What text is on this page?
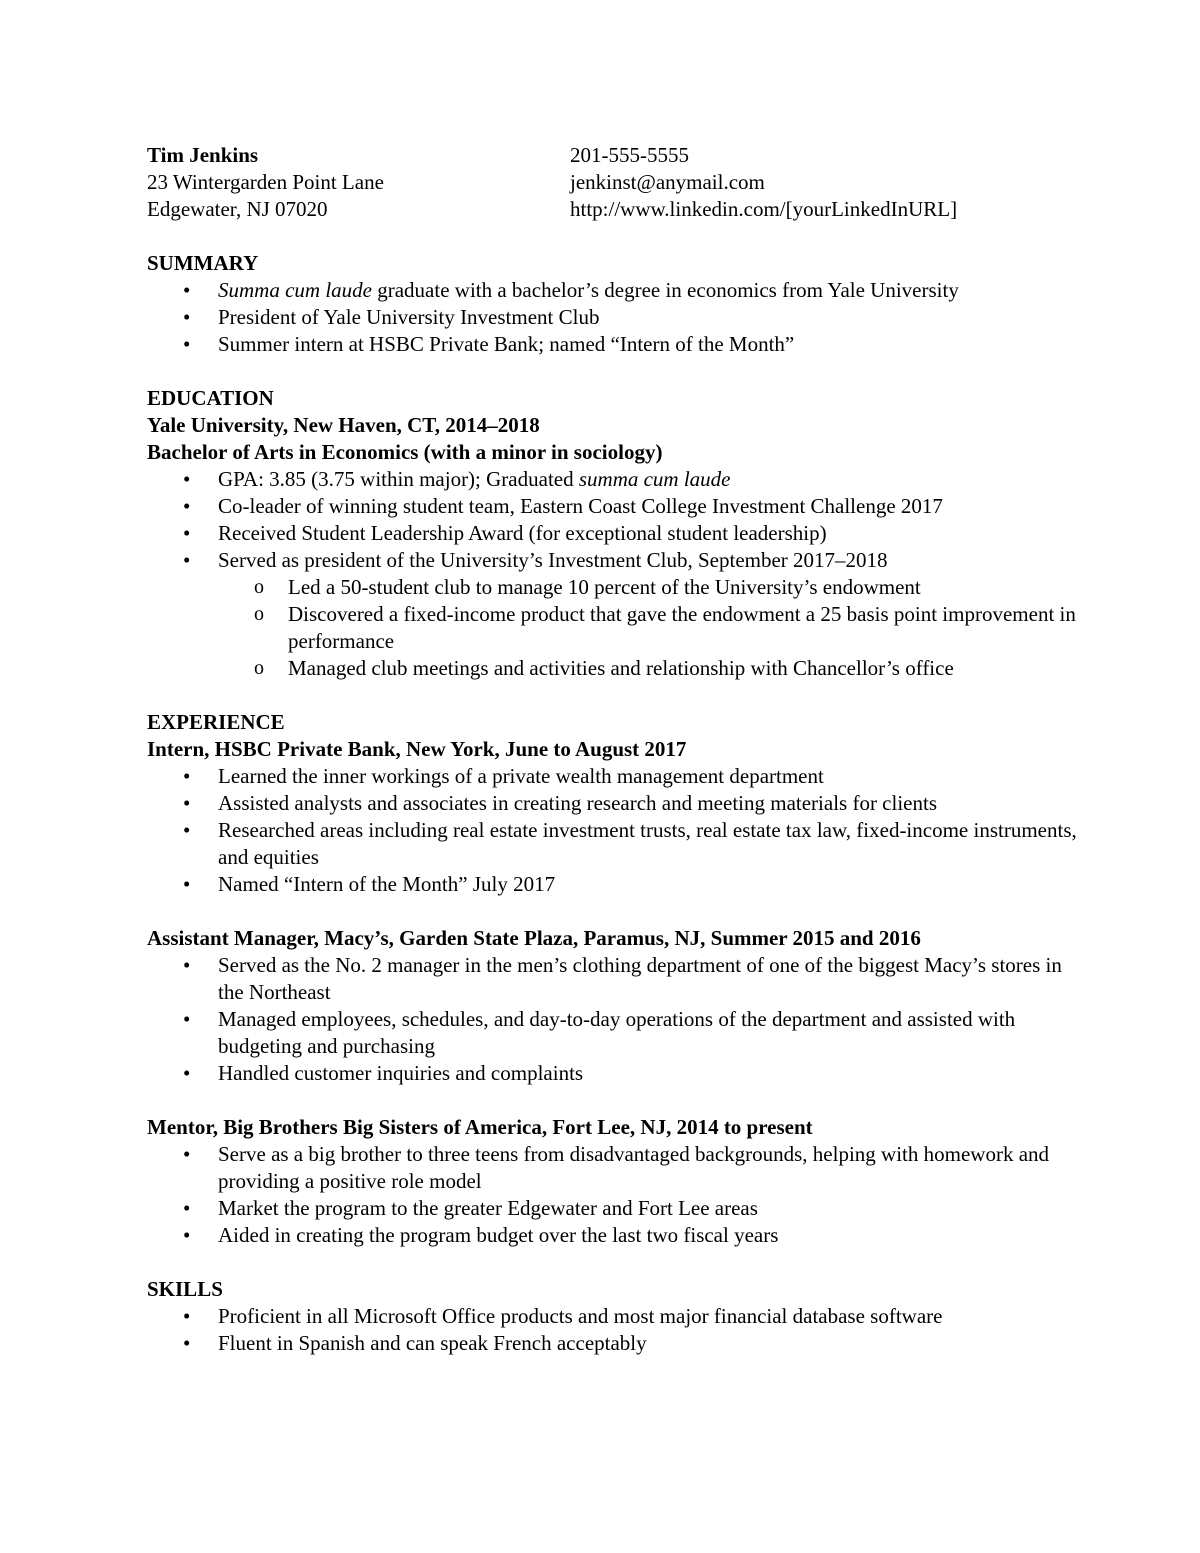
Tim Jenkins	201-555-5555
23 Wintergarden Point Lane	jenkinst@anymail.com
Edgewater, NJ 07020	http://www.linkedin.com/[yourLinkedInURL]
SUMMARY
• Summa cum laude graduate with a bachelor’s degree in economics from Yale University
• President of Yale University Investment Club
• Summer intern at HSBC Private Bank; named “Intern of the Month”
EDUCATION
Yale University, New Haven, CT, 2014–2018
Bachelor of Arts in Economics (with a minor in sociology)
• GPA: 3.85 (3.75 within major); Graduated summa cum laude
• Co-leader of winning student team, Eastern Coast College Investment Challenge 2017
• Received Student Leadership Award (for exceptional student leadership)
• Served as president of the University’s Investment Club, September 2017–2018
o Led a 50-student club to manage 10 percent of the University’s endowment
o Discovered a fixed-income product that gave the endowment a 25 basis point improvement in performance
o Managed club meetings and activities and relationship with Chancellor’s office
EXPERIENCE
Intern, HSBC Private Bank, New York, June to August 2017
• Learned the inner workings of a private wealth management department
• Assisted analysts and associates in creating research and meeting materials for clients
• Researched areas including real estate investment trusts, real estate tax law, fixed-income instruments, and equities
• Named “Intern of the Month” July 2017
Assistant Manager, Macy’s, Garden State Plaza, Paramus, NJ, Summer 2015 and 2016
• Served as the No. 2 manager in the men’s clothing department of one of the biggest Macy’s stores in the Northeast
• Managed employees, schedules, and day-to-day operations of the department and assisted with budgeting and purchasing
• Handled customer inquiries and complaints
Mentor, Big Brothers Big Sisters of America, Fort Lee, NJ, 2014 to present
• Serve as a big brother to three teens from disadvantaged backgrounds, helping with homework and providing a positive role model
• Market the program to the greater Edgewater and Fort Lee areas
• Aided in creating the program budget over the last two fiscal years
SKILLS
• Proficient in all Microsoft Office products and most major financial database software
• Fluent in Spanish and can speak French acceptably
